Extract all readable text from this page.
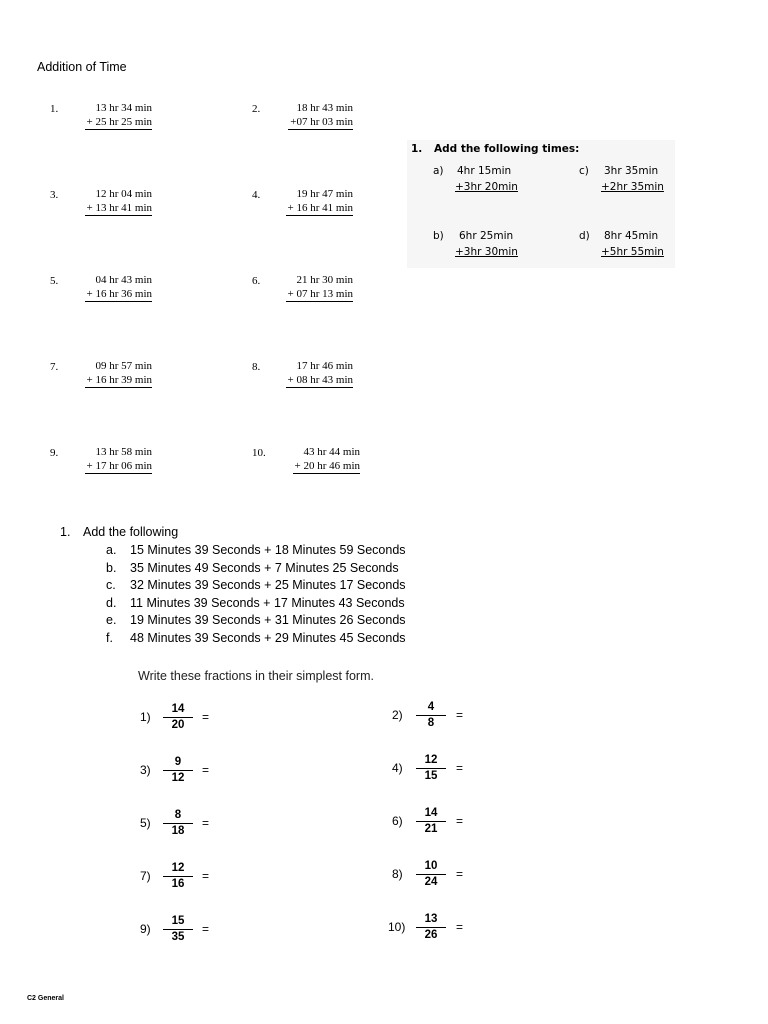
Addition of Time
1.	13 hr 34 min
+ 25 hr 25 min
2.	18 hr 43 min
+07 hr 03 min
3.	12 hr 04 min
+ 13 hr 41 min
4.	19 hr 47 min
+ 16 hr 41 min
5.	04 hr 43 min
+ 16 hr 36 min
6.	21 hr 30 min
+ 07 hr 13 min
7.	09 hr 57 min
+ 16 hr 39 min
8.	17 hr 46 min
+ 08 hr 43 min
9.	13 hr 58 min
+ 17 hr 06 min
10.	43 hr 44 min
+ 20 hr 46 min
1. Add the following times:
a) 4hr 15min
+3hr 20min
c) 3hr 35min
+2hr 35min
b) 6hr 25min
+3hr 30min
d) 8hr 45min
+5hr 55min
1. Add the following
a. 15 Minutes 39 Seconds + 18 Minutes 59 Seconds
b. 35 Minutes 49 Seconds + 7 Minutes 25 Seconds
c. 32 Minutes 39 Seconds + 25 Minutes 17 Seconds
d. 11 Minutes 39 Seconds + 17 Minutes 43 Seconds
e. 19 Minutes 39 Seconds + 31 Minutes 26 Seconds
f. 48 Minutes 39 Seconds + 29 Minutes 45 Seconds
Write these fractions in their simplest form.
$1) \frac{14}{20}$ =	$2) \frac{4}{8}$ =
$3) \frac{9}{12}$ =	$4) \frac{12}{15}$ =
$5) \frac{8}{18}$ =	$6) \frac{14}{21}$ =
$7) \frac{12}{16}$ =	$8) \frac{10}{24}$ =
$9) \frac{15}{35}$ =	$10) \frac{13}{26}$ =
C2 General
